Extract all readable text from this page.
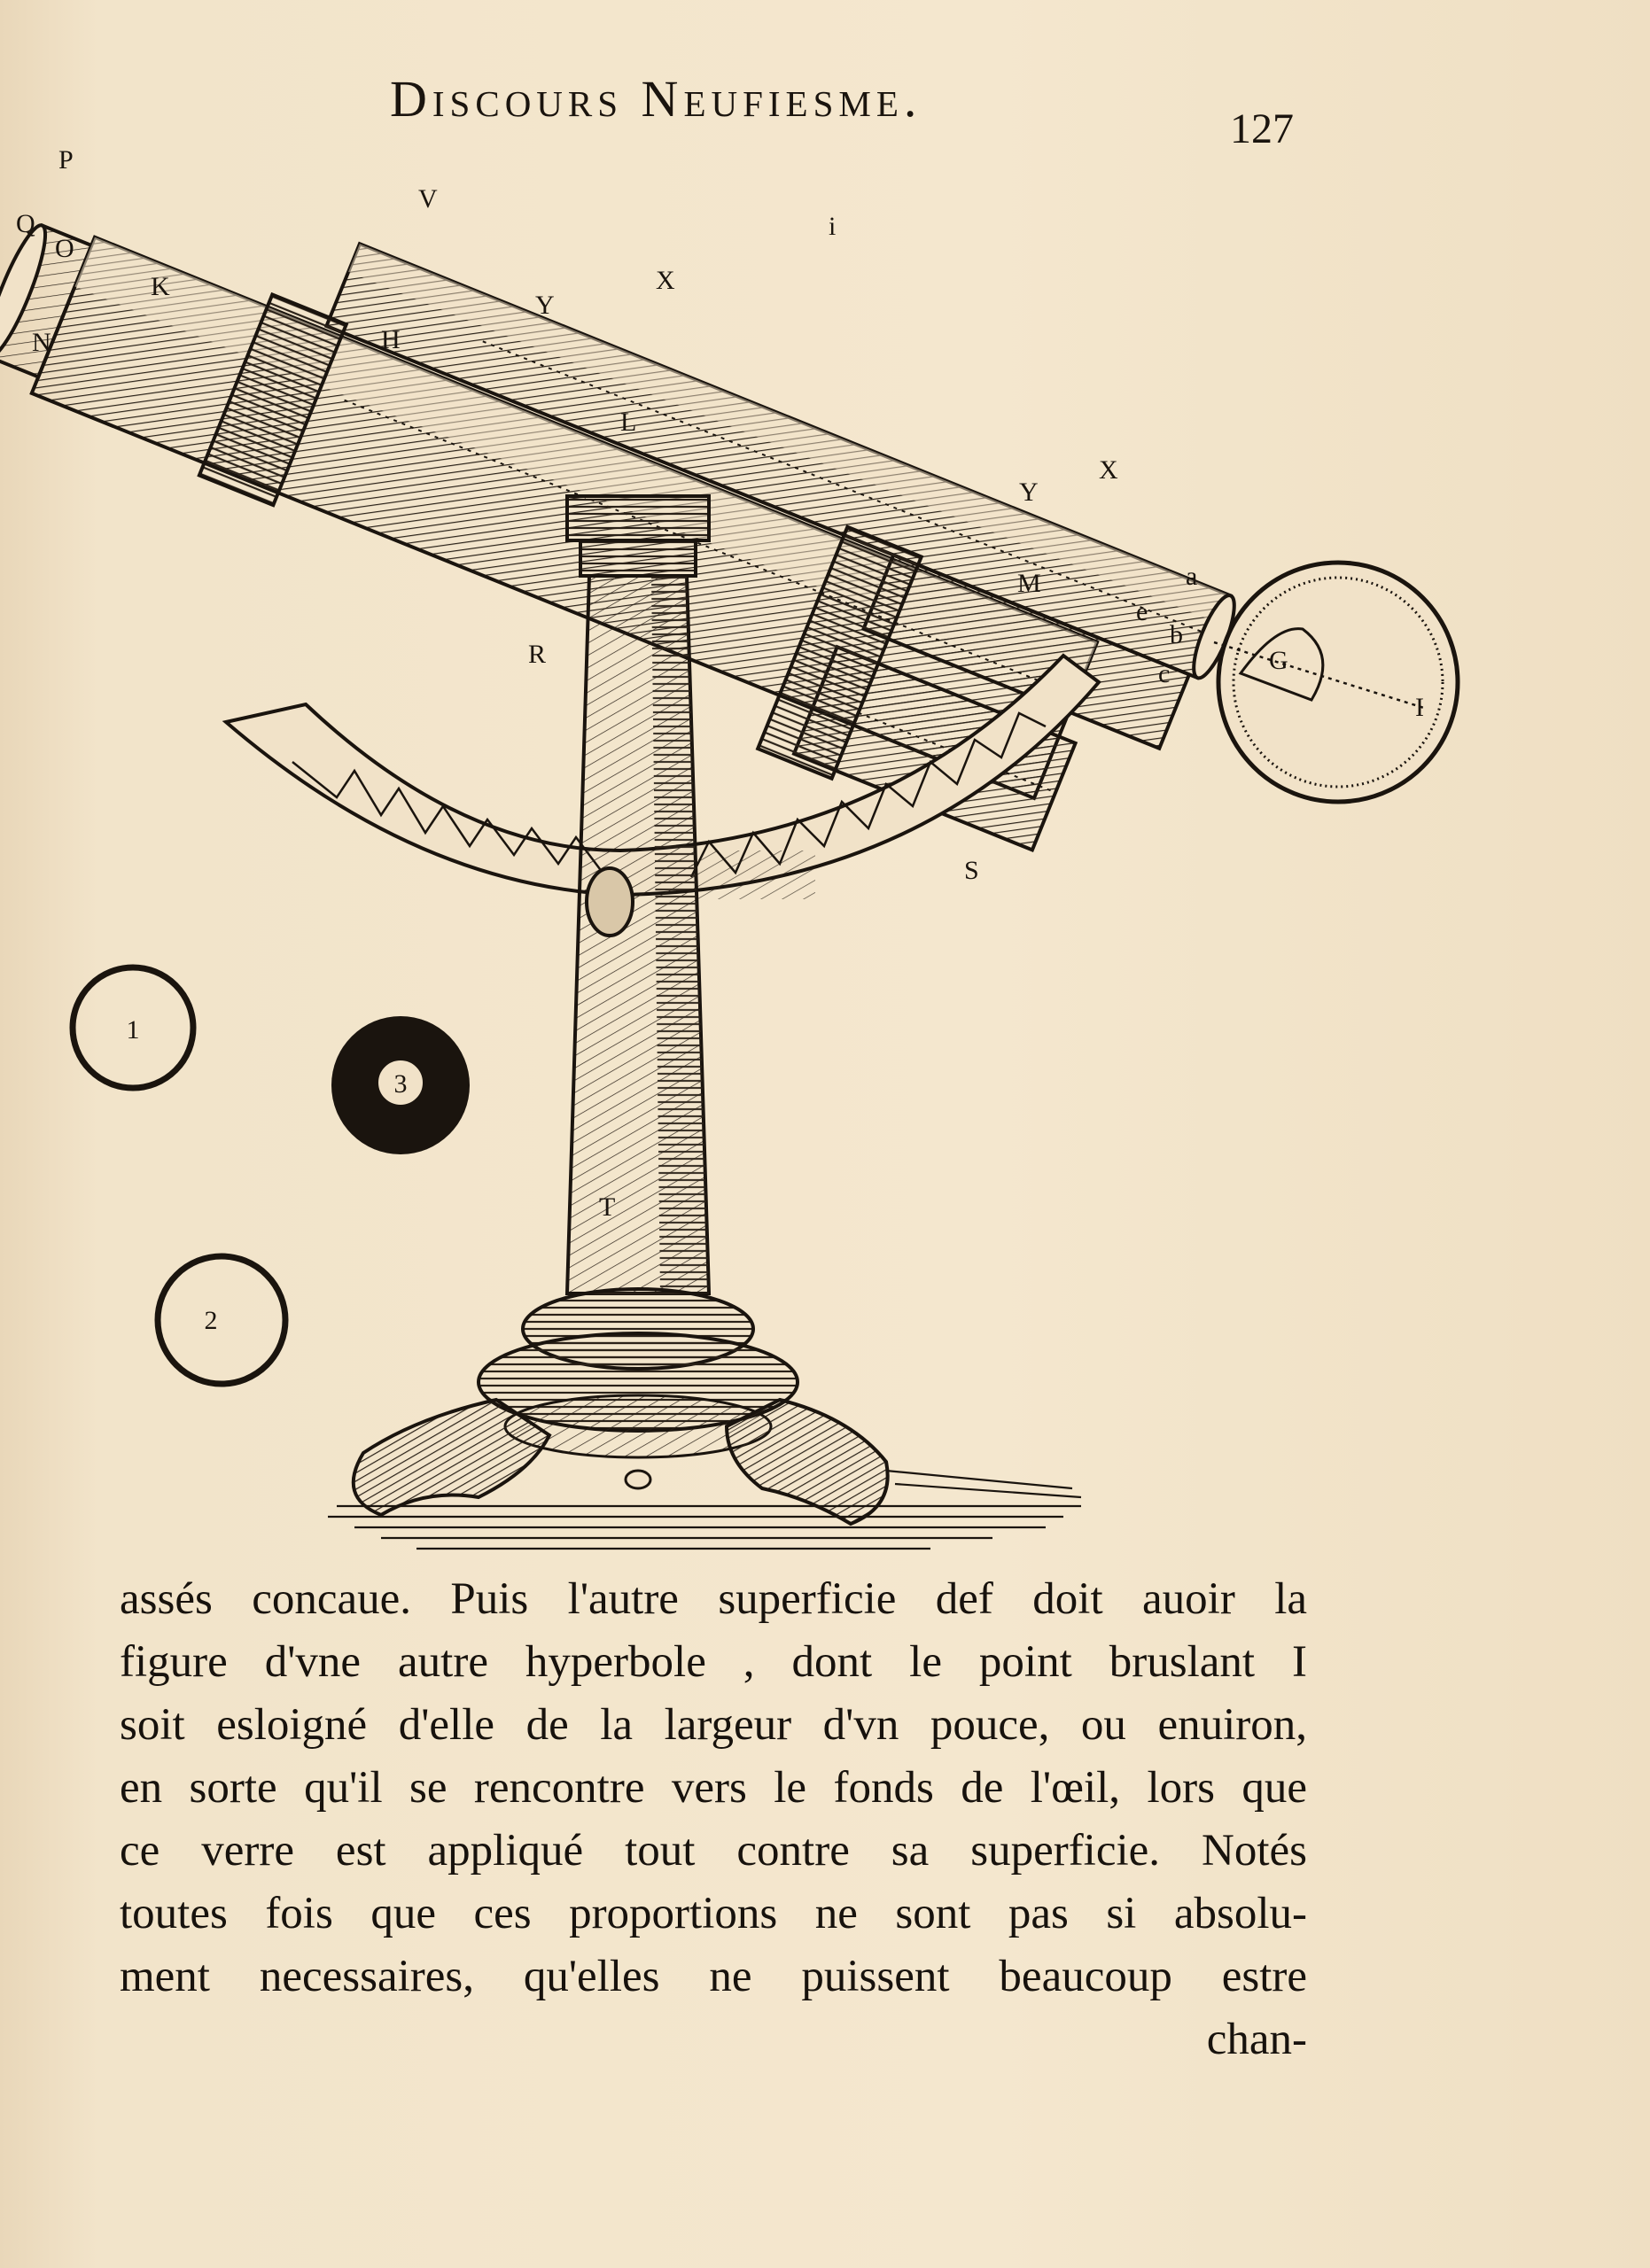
Discours Neufiesme.
127
1
2
3
P
Q
N
O
K
V
i
X
Y
H
L
X
Y
M	a
b
c
e
G
I
R
S
T
assés concaue. Puis l'autre superficie def doit auoir la
figure d'vne autre hyperbole , dont le point bruslant I
soit esloigné d'elle de la largeur d'vn pouce, ou enuiron,
en sorte qu'il se rencontre vers le fonds de l'œil, lors que
ce verre est appliqué tout contre sa superficie. Notés
toutes fois que ces proportions ne sont pas si absolu-
ment necessaires, qu'elles ne puissent beaucoup estre
chan-
